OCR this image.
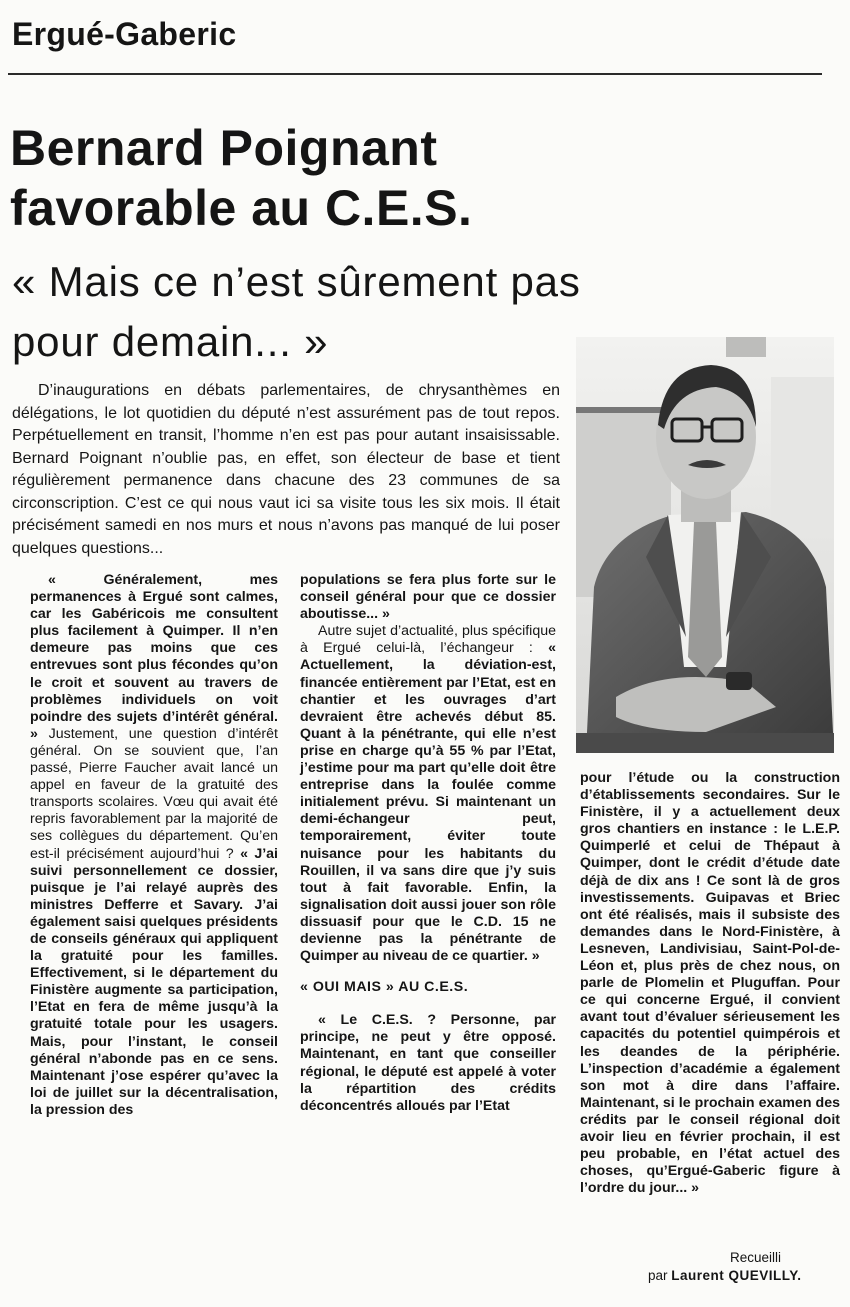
Ergué-Gaberic
Bernard Poignant
favorable au C.E.S.
« Mais ce n’est sûrement pas
pour demain... »

D’inaugurations en débats parlementaires, de chrysanthèmes en délégations, le lot quotidien du député n’est assurément pas de tout repos. Perpétuellement en transit, l’homme n’en est pas pour autant insaisissable. Bernard Poignant n’oublie pas, en effet, son électeur de base et tient régulièrement permanence dans chacune des 23 communes de sa circonscription. C’est ce qui nous vaut ici sa visite tous les six mois. Il était précisément samedi en nos murs et nous n’avons pas manqué de lui poser quelques questions...

« Généralement, mes permanences à Ergué sont calmes, car les Gabéricois me consultent plus facilement à Quimper. Il n’en demeure pas moins que ces entrevues sont plus fécondes qu’on le croit et souvent au travers de problèmes individuels on voit poindre des sujets d’intérêt général. » Justement, une question d’intérêt général. On se souvient que, l’an passé, Pierre Faucher avait lancé un appel en faveur de la gratuité des transports scolaires. Vœu qui avait été repris favorablement par la majorité de ses collègues du département. Qu’en est-il précisément aujourd’hui ? « J’ai suivi personnellement ce dossier, puisque je l’ai relayé auprès des ministres Defferre et Savary. J’ai également saisi quelques présidents de conseils généraux qui appliquent la gratuité pour les familles. Effectivement, si le département du Finistère augmente sa participation, l’Etat en fera de même jusqu’à la gratuité totale pour les usagers. Mais, pour l’instant, le conseil général n’abonde pas en ce sens. Maintenant j’ose espérer qu’avec la loi de juillet sur la décentralisation, la pression des

populations se fera plus forte sur le conseil général pour que ce dossier aboutisse... »

Autre sujet d’actualité, plus spécifique à Ergué celui-là, l’échangeur : « Actuellement, la déviation-est, financée entièrement par l’Etat, est en chantier et les ouvrages d’art devraient être achevés début 85. Quant à la pénétrante, qui elle n’est prise en charge qu’à 55 % par l’Etat, j’estime pour ma part qu’elle doit être entreprise dans la foulée comme initialement prévu. Si maintenant un demi-échangeur peut, temporairement, éviter toute nuisance pour les habitants du Rouillen, il va sans dire que j’y suis tout à fait favorable. Enfin, la signalisation doit aussi jouer son rôle dissuasif pour que le C.D. 15 ne devienne pas la pénétrante de Quimper au niveau de ce quartier. »

« OUI MAIS » AU C.E.S.

« Le C.E.S. ? Personne, par principe, ne peut y être opposé. Maintenant, en tant que conseiller régional, le député est appelé à voter la répartition des crédits déconcentrés alloués par l’Etat

pour l’étude ou la construction d’établissements secondaires. Sur le Finistère, il y a actuellement deux gros chantiers en instance : le L.E.P. Quimperlé et celui de Thépaut à Quimper, dont le crédit d’étude date déjà de dix ans ! Ce sont là de gros investissements. Guipavas et Briec ont été réalisés, mais il subsiste des demandes dans le Nord-Finistère, à Lesneven, Landivisiau, Saint-Pol-de-Léon et, plus près de chez nous, on parle de Plomelin et Pluguffan. Pour ce qui concerne Ergué, il convient avant tout d’évaluer sérieusement les capacités du potentiel quimpérois et les deandes de la périphérie. L’inspection d’académie a également son mot à dire dans l’affaire. Maintenant, si le prochain examen des crédits par le conseil régional doit avoir lieu en février prochain, il est peu probable, en l’état actuel des choses, qu’Ergué-Gaberic figure à l’ordre du jour... »

Recueilli
par Laurent QUEVILLY.
